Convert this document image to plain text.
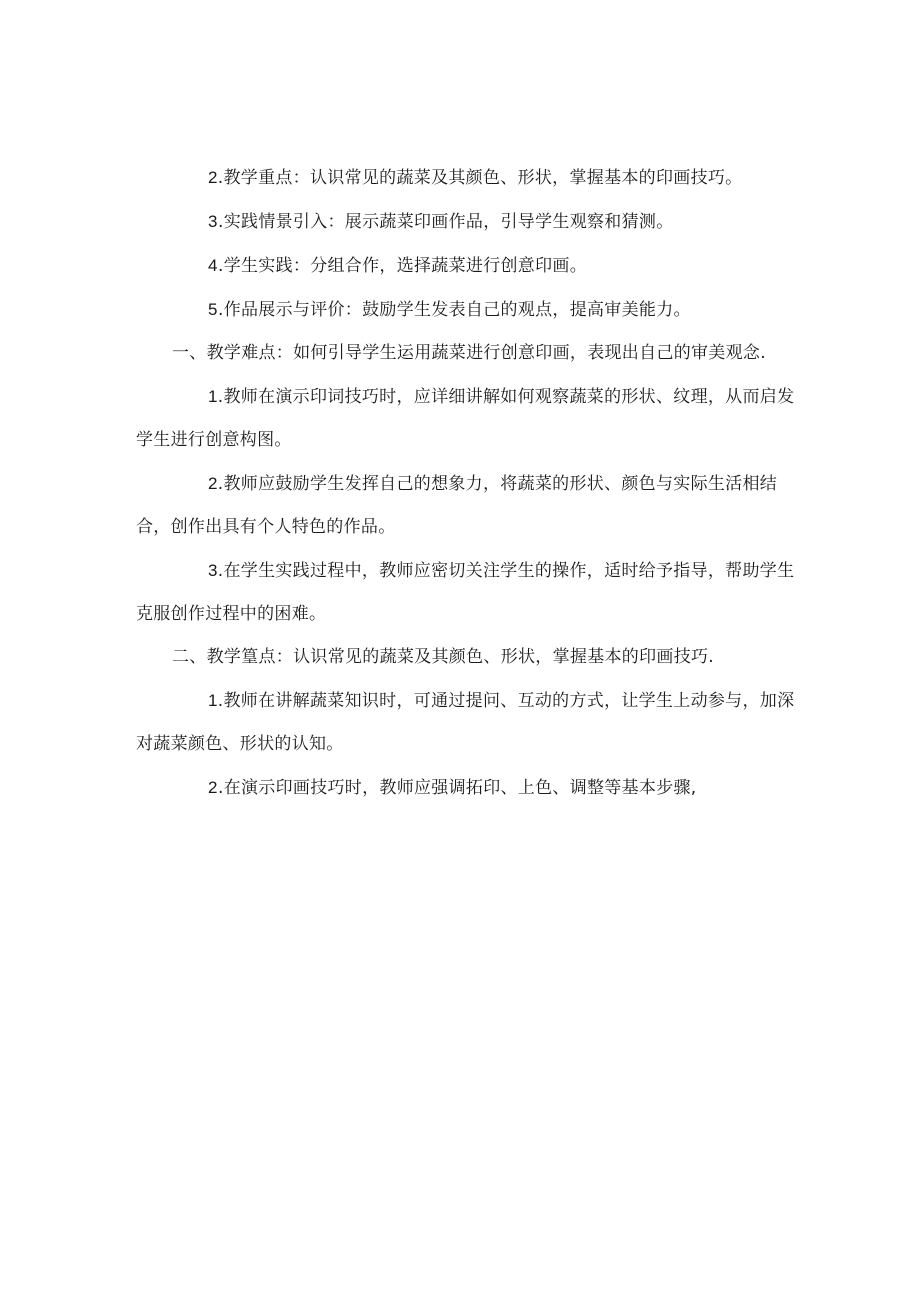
2.教学重点：认识常见的蔬菜及其颜色、形状，掌握基本的印画技巧。

3.实践情景引入：展示蔬菜印画作品，引导学生观察和猜测。

4.学生实践：分组合作，选择蔬菜进行创意印画。

5.作品展示与评价：鼓励学生发表自己的观点，提高审美能力。

一、教学难点：如何引导学生运用蔬菜进行创意印画，表现出自己的审美观念.

1.教师在演示印词技巧时，应详细讲解如何观察蔬菜的形状、纹理，从而启发学生进行创意构图。

2.教师应鼓励学生发挥自己的想象力，将蔬菜的形状、颜色与实际生活相结合，创作出具有个人特色的作品。

3.在学生实践过程中，教师应密切关注学生的操作，适时给予指导，帮助学生克服创作过程中的困难。

二、教学篁点：认识常见的蔬菜及其颜色、形状，掌握基本的印画技巧.

1.教师在讲解蔬菜知识时，可通过提问、互动的方式，让学生上动参与，加深对蔬菜颜色、形状的认知。

2.在演示印画技巧时，教师应强调拓印、上色、调整等基本步骤,
